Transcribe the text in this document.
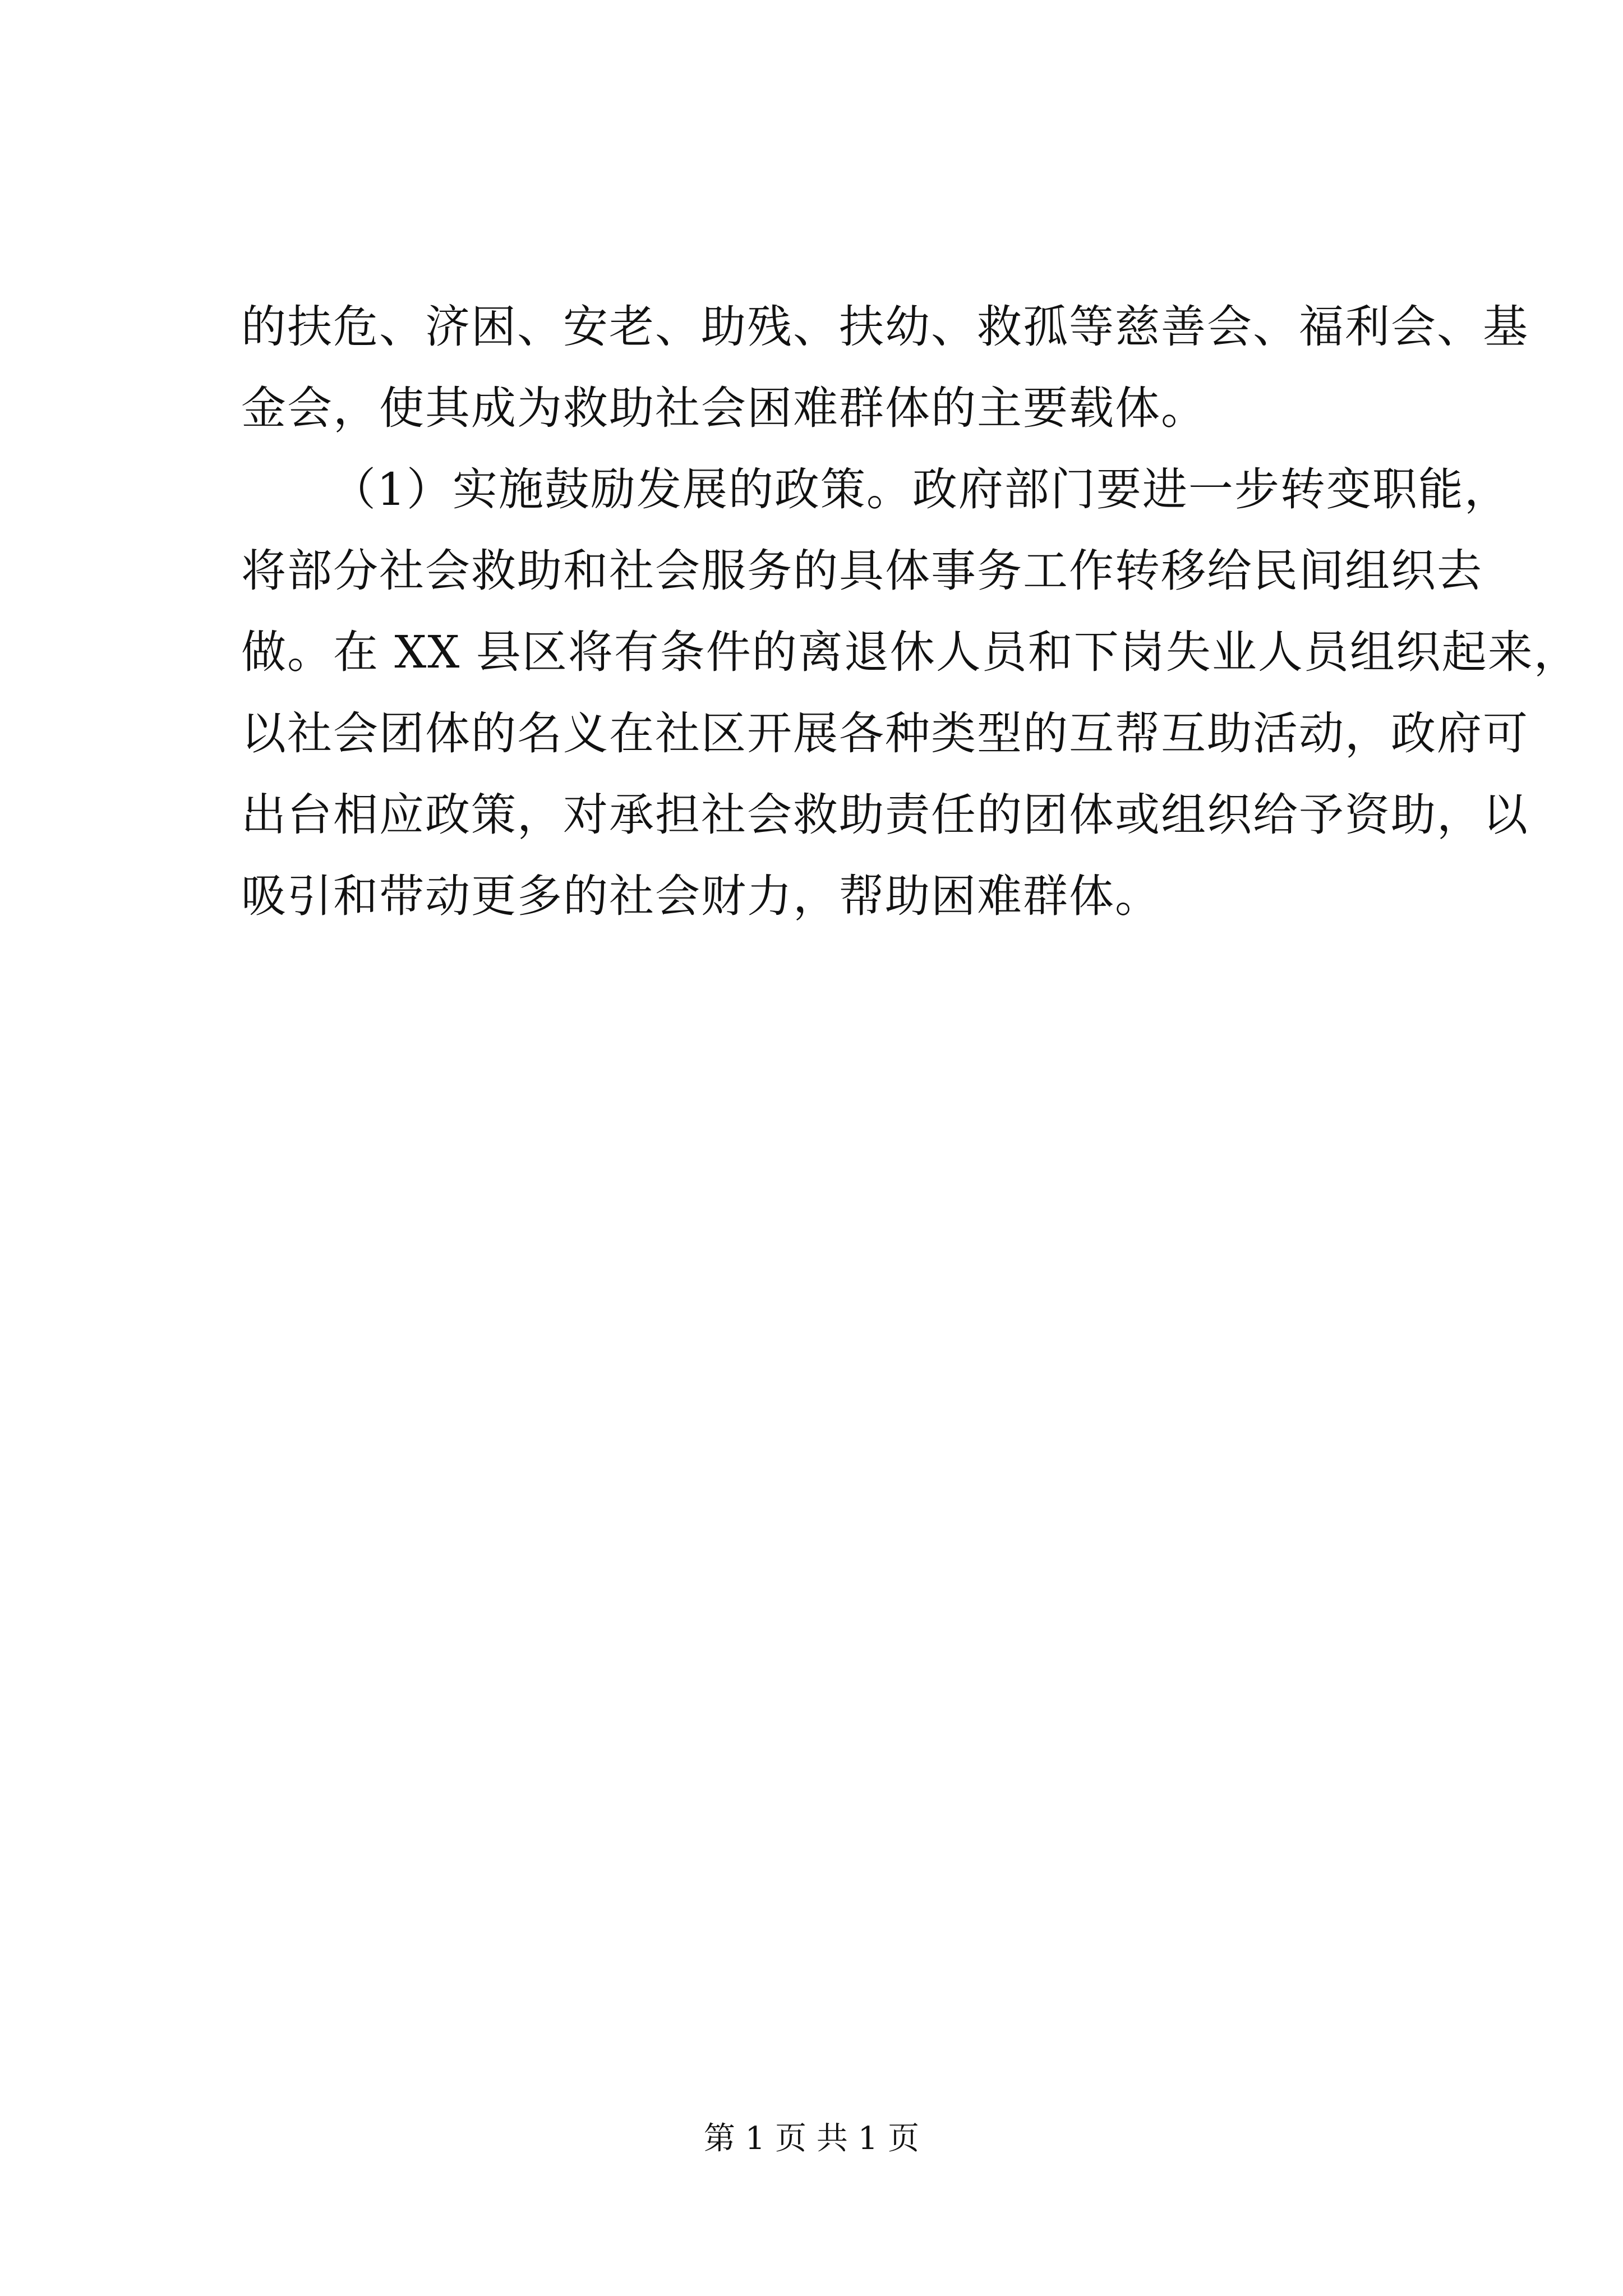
的扶危、济困、安老、助残、扶幼、救孤等慈善会、福利会、基

金会，使其成为救助社会困难群体的主要载体。

（1）实施鼓励发展的政策。政府部门要进一步转变职能，

将部分社会救助和社会服务的具体事务工作转移给民间组织去

做。在 XX 县区将有条件的离退休人员和下岗失业人员组织起来，

以社会团体的名义在社区开展各种类型的互帮互助活动，政府可

出台相应政策，对承担社会救助责任的团体或组织给予资助，以

吸引和带动更多的社会财力，帮助困难群体。

第 1 页 共 1 页
